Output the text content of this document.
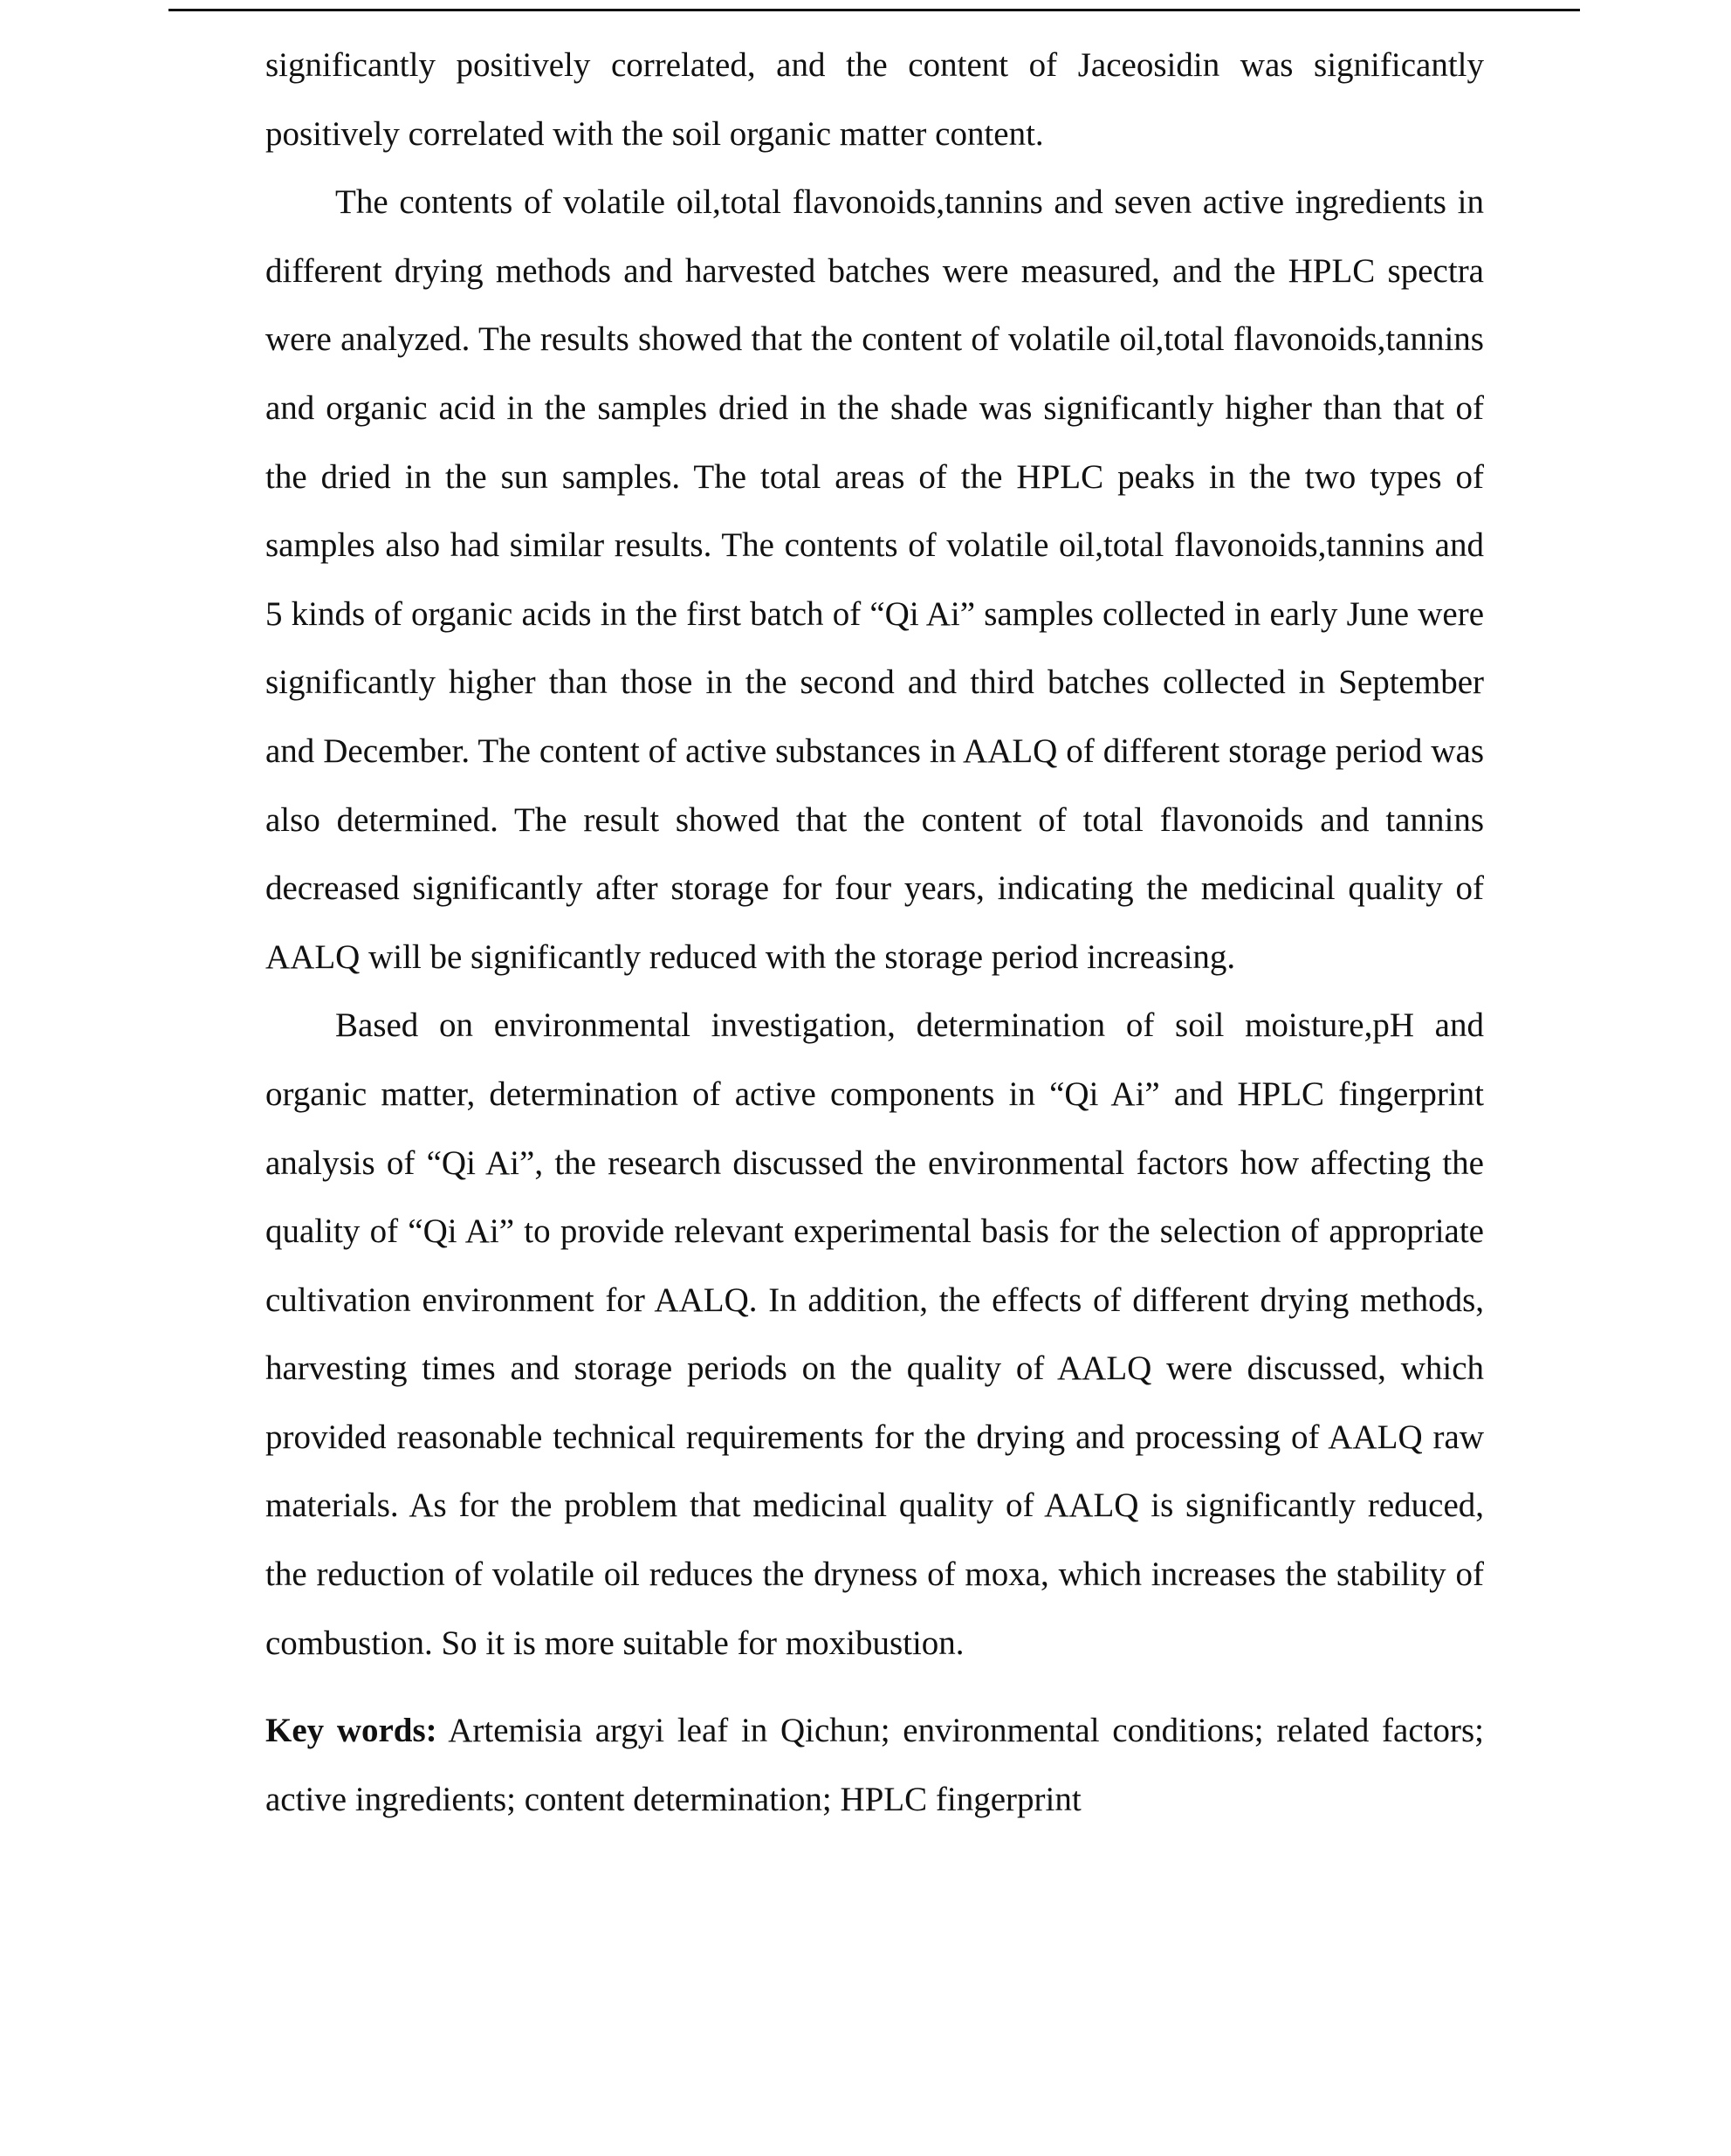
significantly positively correlated, and the content of Jaceosidin was significantly positively correlated with the soil organic matter content.

The contents of volatile oil,total flavonoids,tannins and seven active ingredients in different drying methods and harvested batches were measured, and the HPLC spectra were analyzed. The results showed that the content of volatile oil,total flavonoids,tannins and organic acid in the samples dried in the shade was significantly higher than that of the dried in the sun samples. The total areas of the HPLC peaks in the two types of samples also had similar results. The contents of volatile oil,total flavonoids,tannins and 5 kinds of organic acids in the first batch of “Qi Ai” samples collected in early June were significantly higher than those in the second and third batches collected in September and December. The content of active substances in AALQ of different storage period was also determined. The result showed that the content of total flavonoids and tannins decreased significantly after storage for four years, indicating the medicinal quality of AALQ will be significantly reduced with the storage period increasing.

Based on environmental investigation, determination of soil moisture,pH and organic matter, determination of active components in “Qi Ai” and HPLC fingerprint analysis of “Qi Ai”, the research discussed the environmental factors how affecting the quality of “Qi Ai” to provide relevant experimental basis for the selection of appropriate cultivation environment for AALQ. In addition, the effects of different drying methods, harvesting times and storage periods on the quality of AALQ were discussed, which provided reasonable technical requirements for the drying and processing of AALQ raw materials. As for the problem that medicinal quality of AALQ is significantly reduced, the reduction of volatile oil reduces the dryness of moxa, which increases the stability of combustion. So it is more suitable for moxibustion.

Key words: Artemisia argyi leaf in Qichun; environmental conditions; related factors; active ingredients; content determination; HPLC fingerprint
